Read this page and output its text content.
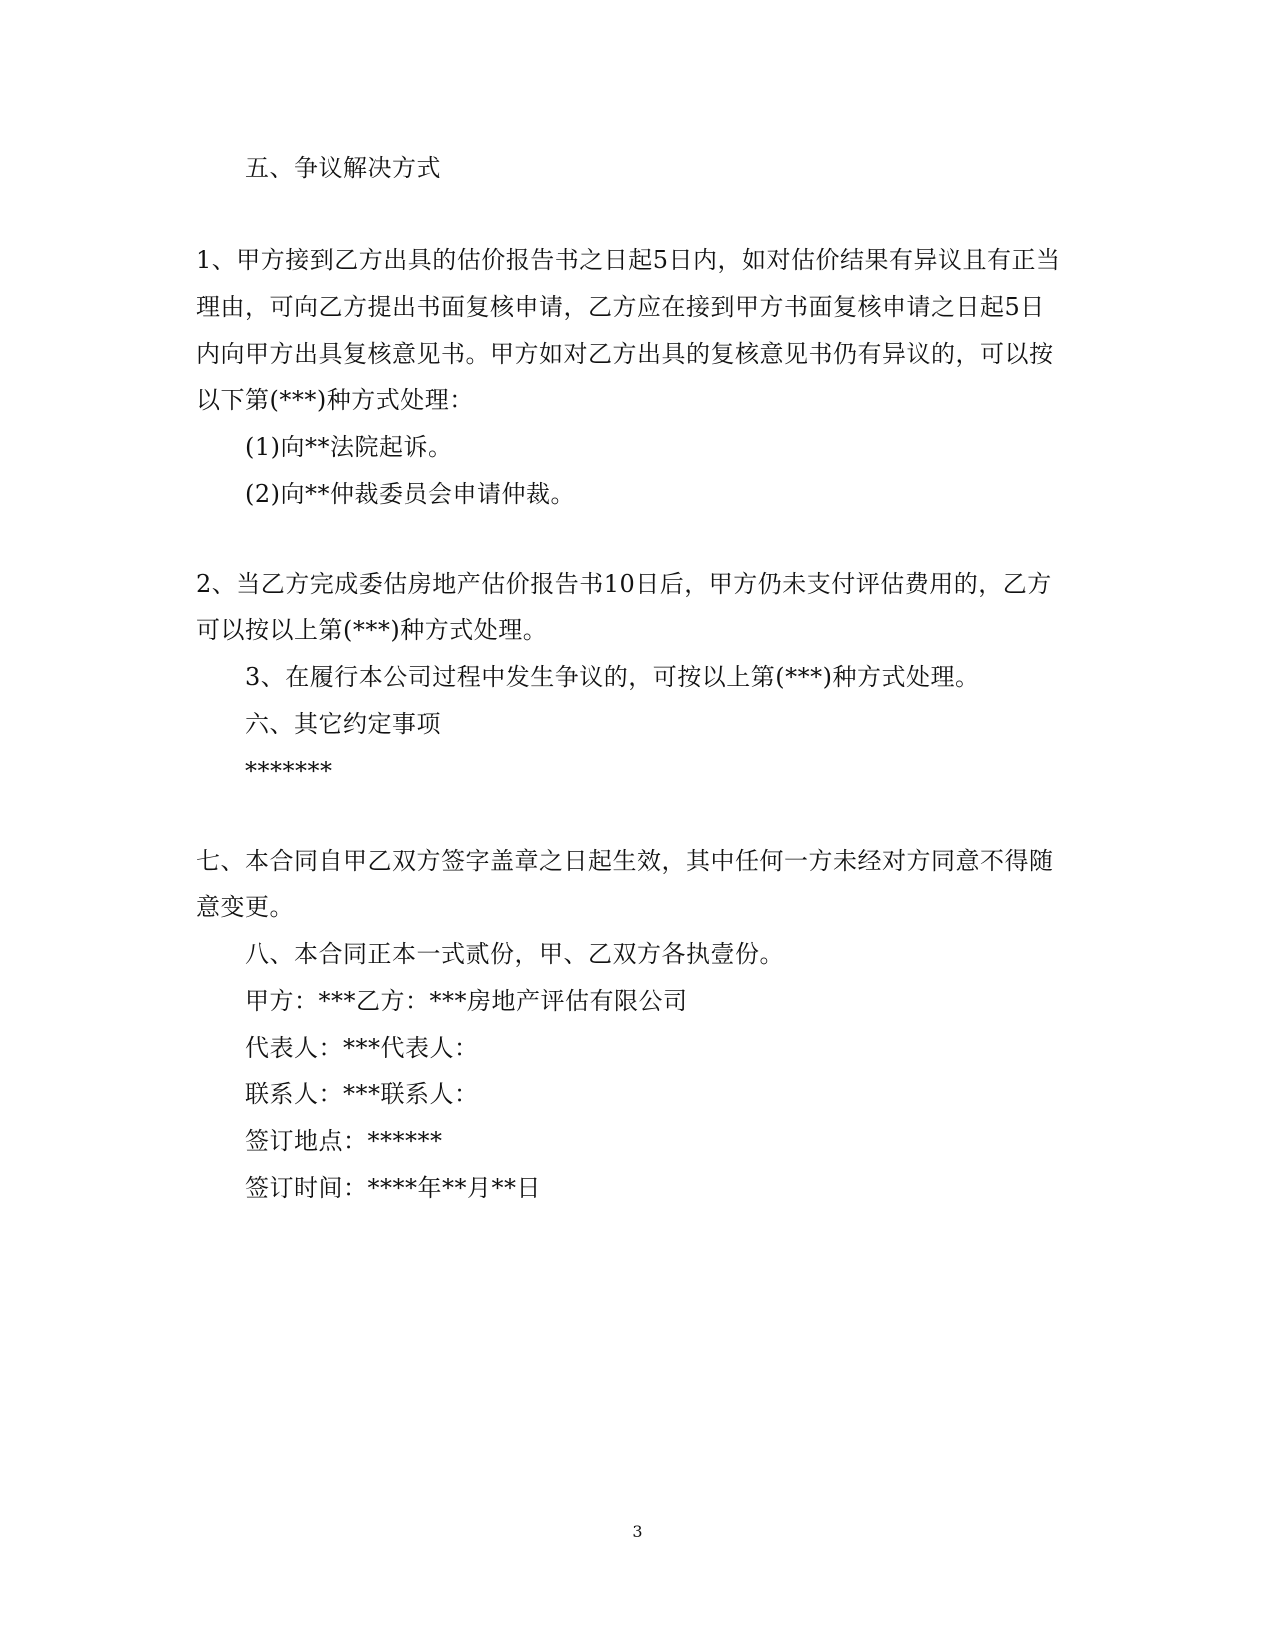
五、争议解决方式
1、甲方接到乙方出具的估价报告书之日起5日内，如对估价结果有异议且有正当
理由，可向乙方提出书面复核申请，乙方应在接到甲方书面复核申请之日起5日
内向甲方出具复核意见书。甲方如对乙方出具的复核意见书仍有异议的，可以按
以下第(***)种方式处理：
(1)向**法院起诉。
(2)向**仲裁委员会申请仲裁。
2、当乙方完成委估房地产估价报告书10日后，甲方仍未支付评估费用的，乙方
可以按以上第(***)种方式处理。
3、在履行本公司过程中发生争议的，可按以上第(***)种方式处理。
六、其它约定事项
*******
七、本合同自甲乙双方签字盖章之日起生效，其中任何一方未经对方同意不得随
意变更。
八、本合同正本一式贰份，甲、乙双方各执壹份。
甲方：***乙方：***房地产评估有限公司
代表人：***代表人：
联系人：***联系人：
签订地点：******
签订时间：****年**月**日
3
